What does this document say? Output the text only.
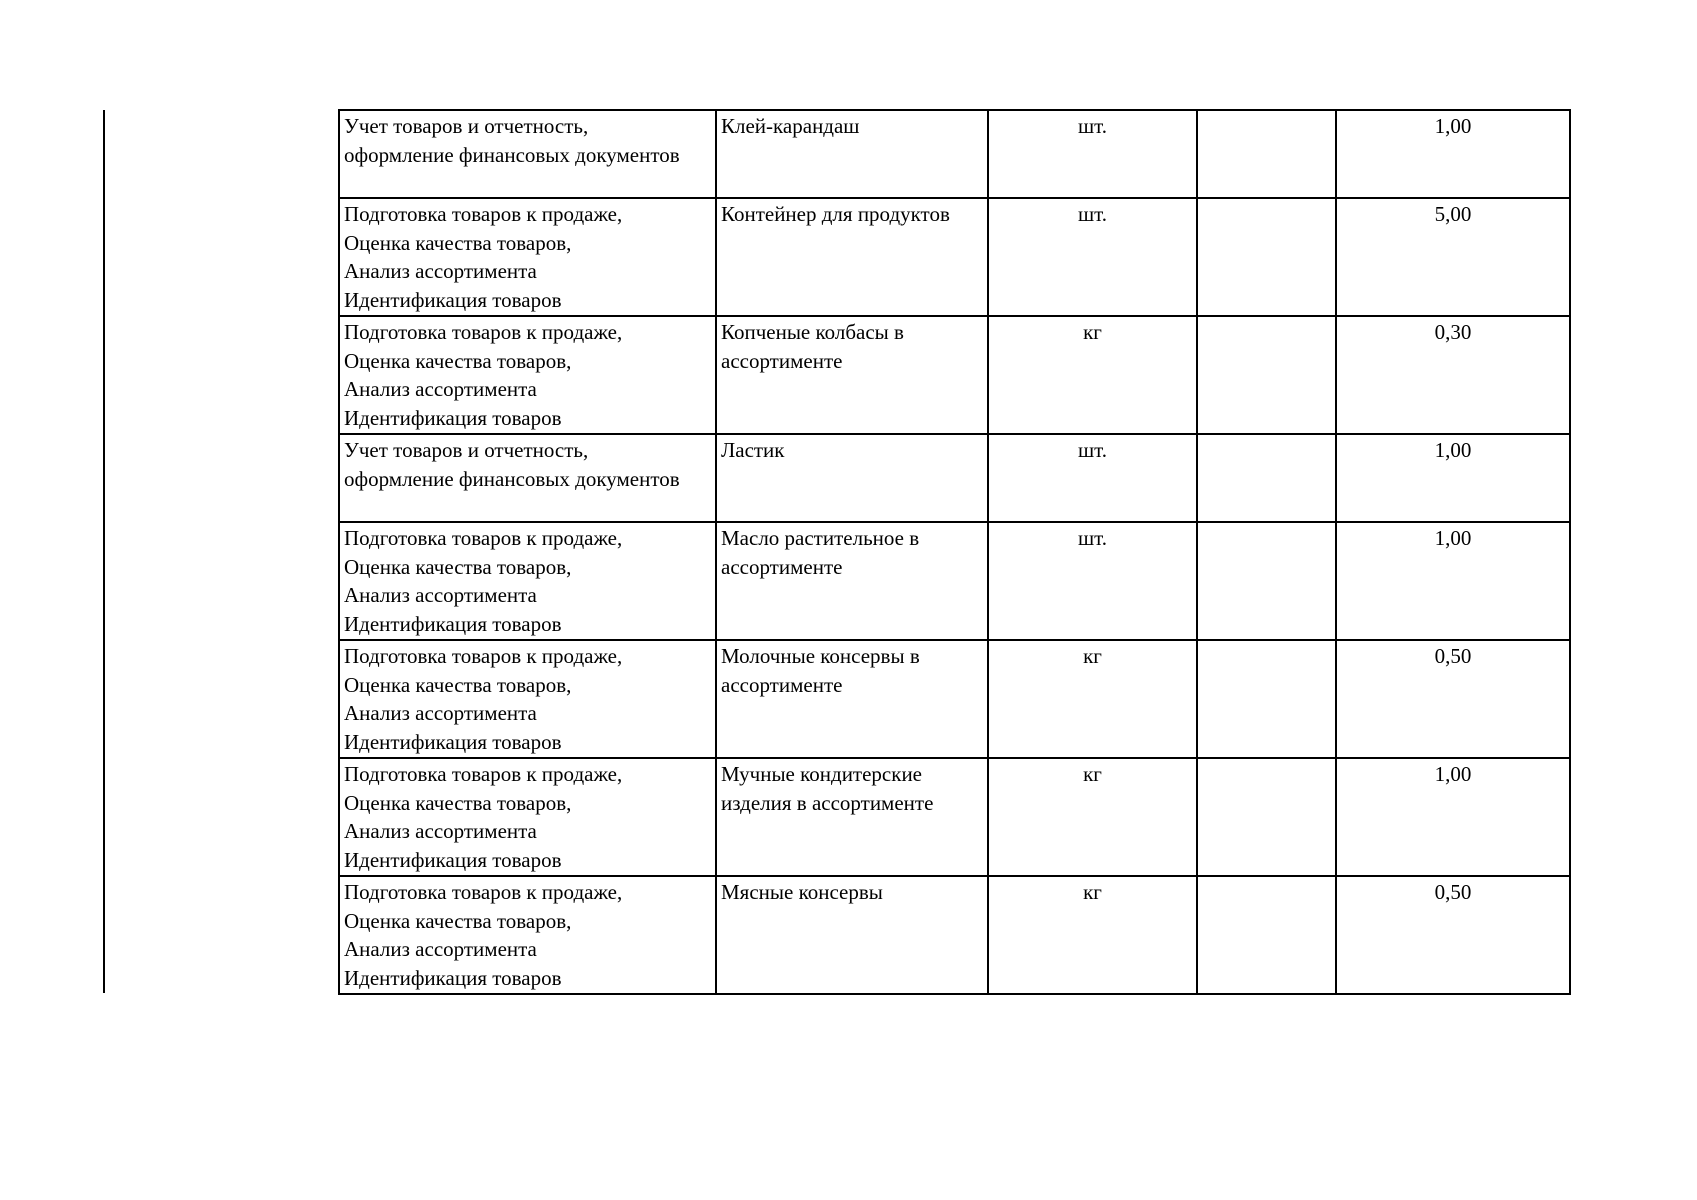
Учет товаров и отчетность,
оформление финансовых документов	Клей-карандаш	шт.		1,00

Подготовка товаров к продаже,
Оценка качества товаров,
Анализ ассортимента
Идентификация товаров	Контейнер для продуктов	шт.		5,00

Подготовка товаров к продаже,
Оценка качества товаров,
Анализ ассортимента
Идентификация товаров	Копченые колбасы в ассортименте	кг		0,30

Учет товаров и отчетность,
оформление финансовых документов	Ластик	шт.		1,00

Подготовка товаров к продаже,
Оценка качества товаров,
Анализ ассортимента
Идентификация товаров	Масло растительное в ассортименте	шт.		1,00

Подготовка товаров к продаже,
Оценка качества товаров,
Анализ ассортимента
Идентификация товаров	Молочные консервы в ассортименте	кг		0,50

Подготовка товаров к продаже,
Оценка качества товаров,
Анализ ассортимента
Идентификация товаров	Мучные кондитерские изделия в ассортименте	кг		1,00

Подготовка товаров к продаже,
Оценка качества товаров,
Анализ ассортимента
Идентификация товаров	Мясные консервы	кг		0,50
